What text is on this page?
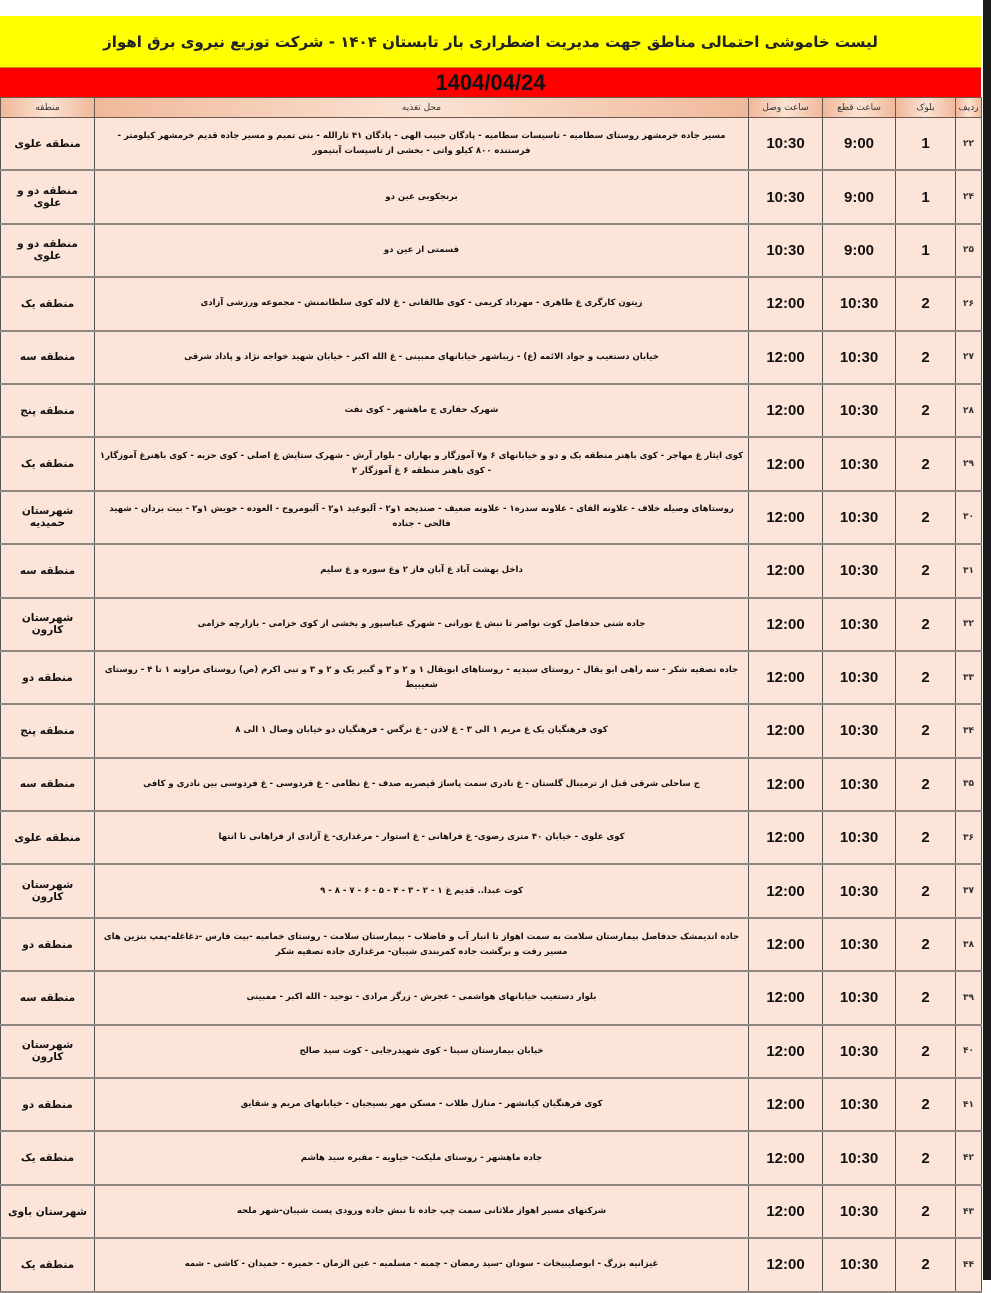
لیست خاموشی احتمالی مناطق جهت مدیریت اضطراری بار تابستان ۱۴۰۴ - شرکت توزیع نیروی برق اهواز
1404/04/24
ردیف	بلوک	ساعت قطع	ساعت وصل	محل تغذیه	منطقه
۲۲	1	9:00	10:30	مسیر جاده خرمشهر روستای سطامیه - تاسیسات سطامیه - پادگان حبیب الهی - پادگان ۴۱ ثارالله - بنی تمیم و مسیر جاده قدیم خرمشهر کیلومتر - فرستنده ۸۰۰ کیلو واتی - بخشی از تاسیسات آبتیمور	منطقه علوی
۲۴	1	9:00	10:30	برنجکوبی عین دو	منطقه دو و علوی
۲۵	1	9:00	10:30	قسمتی از عین دو	منطقه دو و علوی
۲۶	2	10:30	12:00	زیتون کارگری غ طاهری - مهرداد کریمی - کوی طالقانی - غ لاله کوی سلطانمنش - مجموعه ورزشی آزادی	منطقه یک
۲۷	2	10:30	12:00	خیابان دستغیب و جواد الائمه (ع) - زیباشهر خیابانهای ممبینی - غ الله اکبر - خیابان شهید خواجه نژاد و پاداد شرقی	منطقه سه
۲۸	2	10:30	12:00	شهرک حفاری ج ماهشهر - کوی نفت	منطقه پنج
۲۹	2	10:30	12:00	کوی ایثار غ مهاجر - کوی باهنر منطقه یک و دو و خیابانهای ۶ و۷ آموزگار و بهاران - بلوار آرش - شهرک ستایش غ اصلی - کوی حزبه - کوی باهنرغ آموزگار۱ - کوی باهنر منطقه ۶ غ آموزگار ۲	منطقه یک
۳۰	2	10:30	12:00	روستاهای وصیله خلاف - علاونه الفای - علاونه سدره۱ - علاونه ضعیف - صندیحه ۱و۲ - آلبوعید ۱و۲ - آلبومروح - العوده - حویش ۱و۲ - بیت بردان - شهید فالحی - جناده	شهرستان حمیدیه
۳۱	2	10:30	12:00	داخل بهشت آباد غ آبان فاز ۲ وغ سوره و غ سلیم	منطقه سه
۳۲	2	10:30	12:00	جاده شنی حدفاصل کوت نواصر تا نبش غ نورانی - شهرک عباسپور و بخشی از کوی خزامی - بازارچه خزامی	شهرستان کارون
۳۳	2	10:30	12:00	جاده تصفیه شکر - سه راهی ابو بقال - روستای سیدیه - روستاهای ابوبقال ۱ و ۲ و ۳ و گبیر یک و ۲ و ۳ و نبی اکرم (ص) روستای مراونه ۱ تا ۴ - روستای شعیبیط	منطقه دو
۳۴	2	10:30	12:00	کوی فرهنگیان یک غ مریم ۱ الی ۳ - غ لادن - غ نرگس - فرهنگیان دو خیابان وصال ۱ الی ۸	منطقه پنج
۳۵	2	10:30	12:00	ج ساحلی شرقی قبل از ترمینال گلستان - غ نادری سمت پاساژ قیصریه صدف - غ نظامی - غ فردوسی - غ فردوسی بین نادری و کافی	منطقه سه
۳۶	2	10:30	12:00	کوی علوی - خیابان ۴۰ متری رضوی- غ فراهانی - غ استوار - مرغداری- غ آزادی از فراهانی تا انتها	منطقه علوی
۳۷	2	10:30	12:00	کوت عبدا.. قدیم غ ۱ - ۲ - ۳ - ۴ - ۵ - ۶ - ۷ - ۸ - ۹	شهرستان کارون
۳۸	2	10:30	12:00	جاده اندیمشک حدفاصل بیمارستان سلامت به سمت اهواز تا انبار آب و فاضلاب - بیمارستان سلامت - روستای خمامیه -بیت فارس -دغاغله-پمپ بنزین های مسیر رفت و برگشت جاده کمربندی شیبان- مرغداری جاده تصفیه شکر	منطقه دو
۳۹	2	10:30	12:00	بلوار دستغیب خیابانهای هواشمی - عجرش - زرگر مرادی - توحید - الله اکبر - ممبینی	منطقه سه
۴۰	2	10:30	12:00	خیابان بیمارستان سینا - کوی شهیدرجایی - کوت سید صالح	شهرستان کارون
۴۱	2	10:30	12:00	کوی فرهنگیان کیانشهر - منازل طلاب - مسکن مهر بسیجیان - خیابانهای مریم و شقایق	منطقه دو
۴۲	2	10:30	12:00	جاده ماهشهر - روستای ملیکت- حیاویه - مقبره سید هاشم	منطقه یک
۴۳	2	10:30	12:00	شرکتهای مسیر اهواز ملاثانی سمت چپ جاده تا نبش جاده ورودی پست شیبان-شهر ملحه	شهرستان باوی
۴۴	2	10:30	12:00	غیزانیه بزرگ - ابوصلیبیخات - سودان -سید رمضان - چمبه - مسلمیه - عین الزمان - حمیره - حمیدان - کاشی - شمه	منطقه یک
